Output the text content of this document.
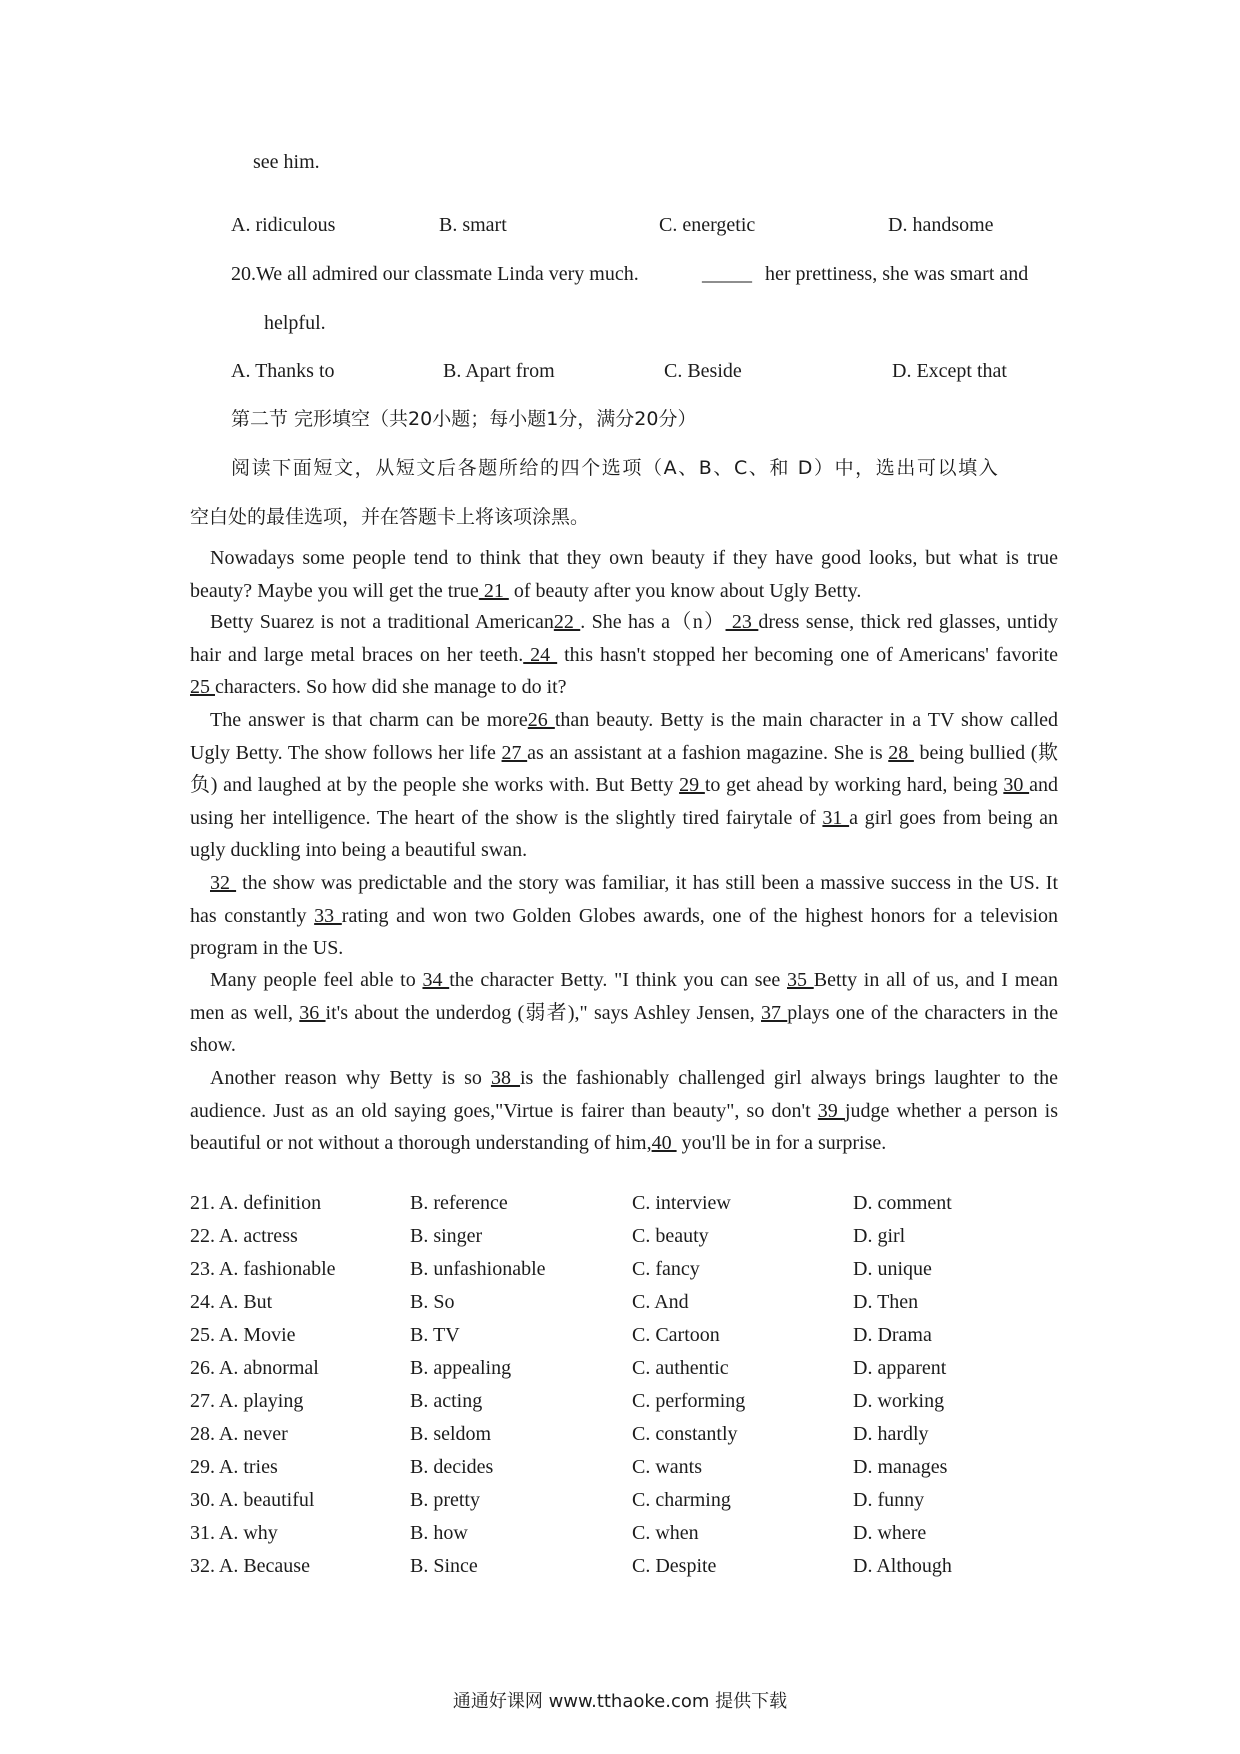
see him.
A. ridiculous	B. smart	C. energetic	D. handsome
20.We all admired our classmate Linda very much.	_____ her prettiness, she was smart and
helpful.
A. Thanks to	B. Apart from	C. Beside	D. Except that
第二节 完形填空（共20小题；每小题1分，满分20分）
阅读下面短文，从短文后各题所给的四个选项（A、B、C、和 D）中，选出可以填入
空白处的最佳选项，并在答题卡上将该项涂黑。
Nowadays some people tend to think that they own beauty if they have good looks, but what is true beauty? Maybe you will get the true 21  of beauty after you know about Ugly Betty.
Betty Suarez is not a traditional American22 . She has a（n） 23 dress sense, thick red glasses, untidy hair and large metal braces on her teeth. 24  this hasn't stopped her becoming one of Americans' favorite 25 characters. So how did she manage to do it?
The answer is that charm can be more26 than beauty. Betty is the main character in a TV show called Ugly Betty. The show follows her life 27 as an assistant at a fashion magazine. She is 28  being bullied (欺负) and laughed at by the people she works with. But Betty 29 to get ahead by working hard, being 30 and using her intelligence. The heart of the show is the slightly tired fairytale of 31 a girl goes from being an ugly duckling into being a beautiful swan.
32  the show was predictable and the story was familiar, it has still been a massive success in the US. It has constantly 33 rating and won two Golden Globes awards, one of the highest honors for a television program in the US.
Many people feel able to 34 the character Betty. "I think you can see 35 Betty in all of us, and I mean men as well, 36 it's about the underdog (弱者)," says Ashley Jensen, 37 plays one of the characters in the show.
Another reason why Betty is so 38 is the fashionably challenged girl always brings laughter to the audience. Just as an old saying goes,"Virtue is fairer than beauty", so don't 39 judge whether a person is beautiful or not without a thorough understanding of him,40  you'll be in for a surprise.
21. A. definition	B. reference	C. interview	D. comment
22. A. actress	B. singer	C. beauty	D. girl
23. A. fashionable	B. unfashionable	C. fancy	D. unique
24. A. But	B. So	C. And	D. Then
25. A. Movie	B. TV	C. Cartoon	D. Drama
26. A. abnormal	B. appealing	C. authentic	D. apparent
27. A. playing	B. acting	C. performing	D. working
28. A. never	B. seldom	C. constantly	D. hardly
29. A. tries	B. decides	C. wants	D. manages
30. A. beautiful	B. pretty	C. charming	D. funny
31. A. why	B. how	C. when	D. where
32. A. Because	B. Since	C. Despite	D. Although
通通好课网 www.tthaoke.com 提供下载
